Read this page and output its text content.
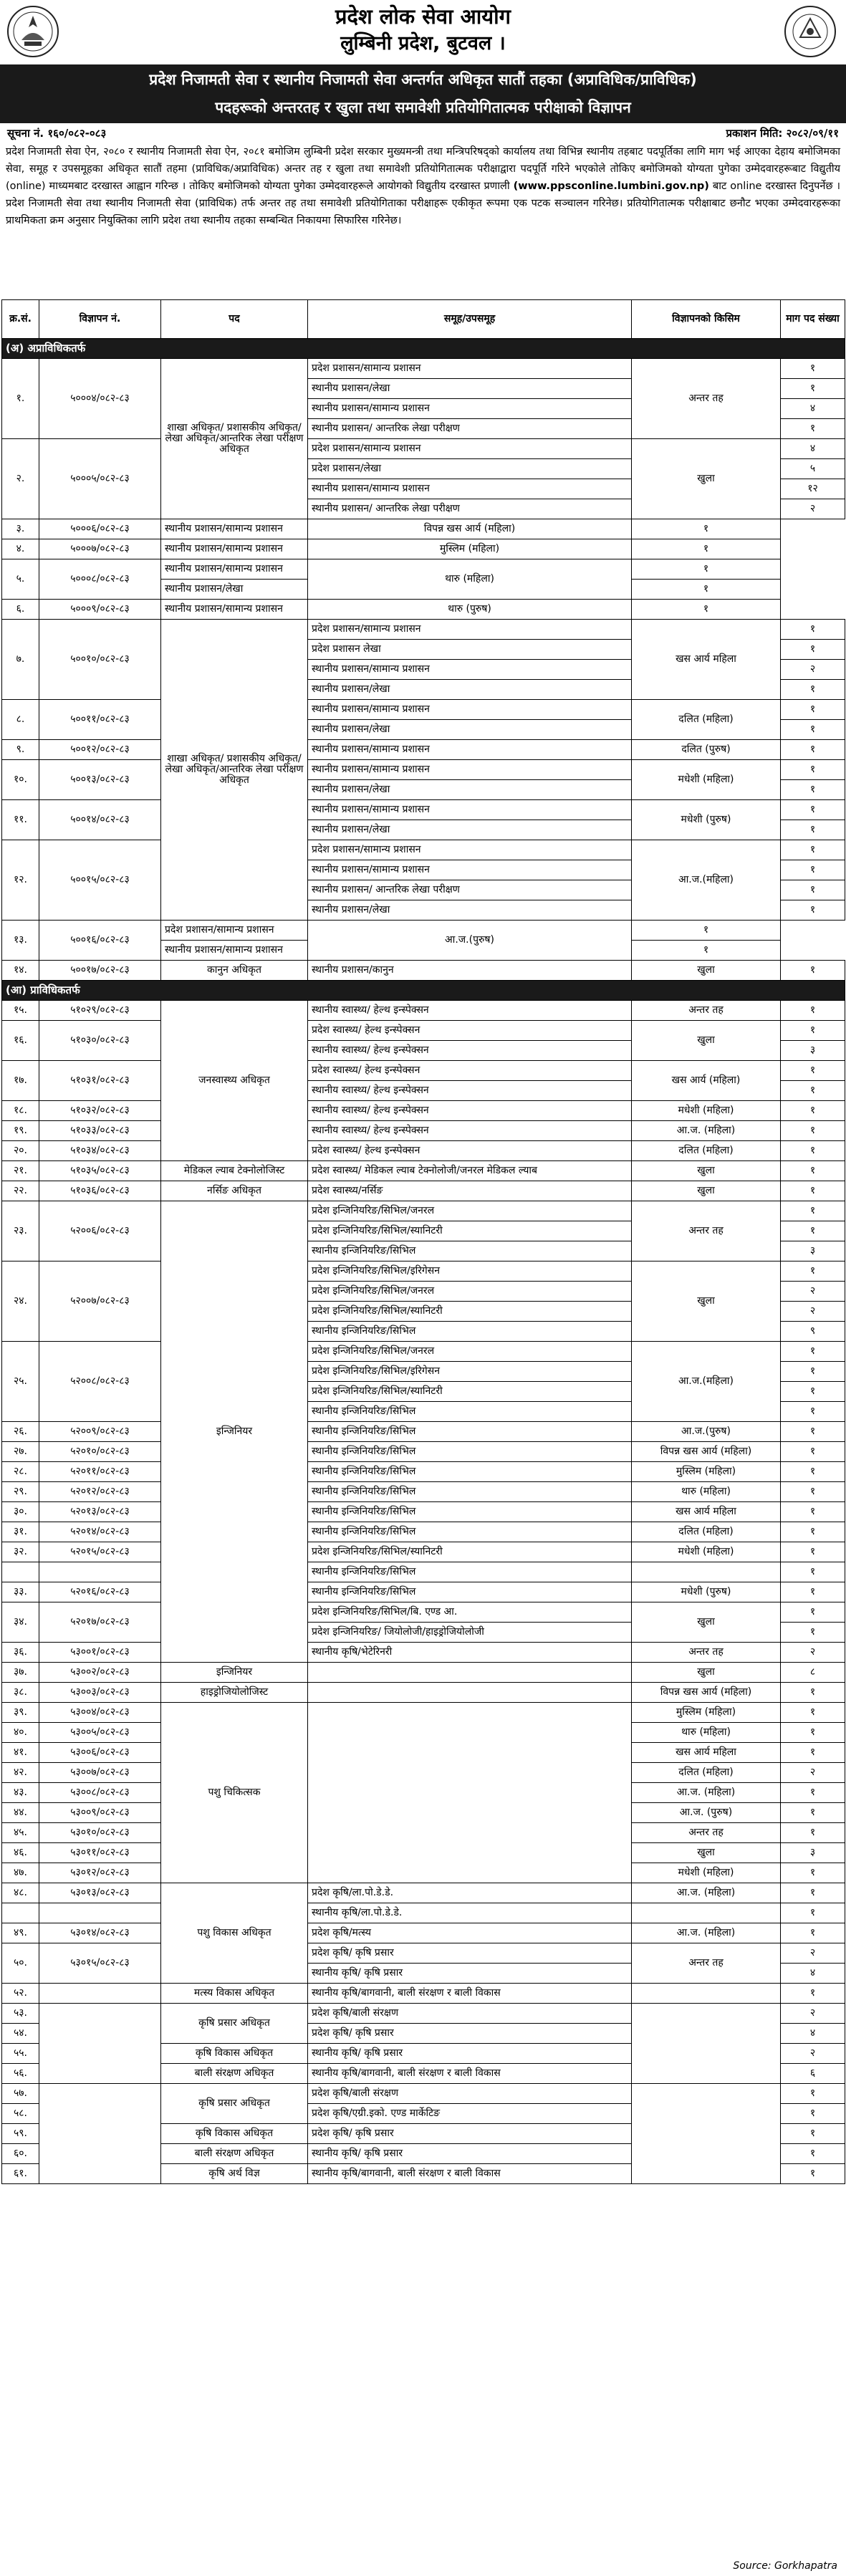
प्रदेश लोक सेवा आयोग
लुम्बिनी प्रदेश, बुटवल ।
प्रदेश निजामती सेवा र स्थानीय निजामती सेवा अन्तर्गत अधिकृत सातौं तहका (अप्राविधिक/प्राविधिक)
पदहरूको अन्तरतह र खुला तथा समावेशी प्रतियोगितात्मक परीक्षाको विज्ञापन
सूचना नं. १६०/०८२-०८३	प्रकाशन मिति: २०८२/०९/११
प्रदेश निजामती सेवा ऐन, २०८० र स्थानीय निजामती सेवा ऐन, २०८१ बमोजिम लुम्बिनी प्रदेश सरकार मुख्यमन्त्री तथा मन्त्रिपरिषद्को कार्यालय तथा विभिन्न स्थानीय तहबाट पदपूर्तिका लागि माग भई आएका देहाय बमोजिमका सेवा, समूह र उपसमूहका अधिकृत सातौं तहमा (प्राविधिक/अप्राविधिक) अन्तर तह र खुला तथा समावेशी प्रतियोगितात्मक परीक्षाद्वारा पदपूर्ति गरिने भएकोले तोकिए बमोजिमको योग्यता पुगेका उम्मेदवारहरूबाट विद्युतीय (online) माध्यमबाट दरखास्त आह्वान गरिन्छ । तोकिए बमोजिमको योग्यता पुगेका उम्मेदवारहरूले आयोगको विद्युतीय दरखास्त प्रणाली (www.ppsconline.lumbini.gov.np) बाट online दरखास्त दिनुपर्नेछ । प्रदेश निजामती सेवा तथा स्थानीय निजामती सेवा (प्राविधिक) तर्फ अन्तर तह तथा समावेशी प्रतियोगिताका परीक्षाहरू एकीकृत रूपमा एक पटक सञ्चालन गरिनेछ। प्रतियोगितात्मक परीक्षाबाट छनौट भएका उम्मेदवारहरूका प्राथमिकता क्रम अनुसार नियुक्तिका लागि प्रदेश तथा स्थानीय तहका सम्बन्धित निकायमा सिफारिस गरिनेछ।
क्र.सं.	विज्ञापन नं.	पद	समूह/उपसमूह	विज्ञापनको किसिम	माग पद संख्या
(अ) अप्राविधिकतर्फ					
१.	५०००४/०८२-८३	शाखा अधिकृत/ प्रशासकीय अधिकृत/ लेखा अधिकृत/आन्तरिक लेखा परीक्षण अधिकृत	प्रदेश प्रशासन/सामान्य प्रशासन	अन्तर तह	१
			स्थानीय प्रशासन/लेखा		१
			स्थानीय प्रशासन/सामान्य प्रशासन		४
			स्थानीय प्रशासन/ आन्तरिक लेखा परीक्षण		१
२.	५०००५/०८२-८३		प्रदेश प्रशासन/सामान्य प्रशासन	खुला	४
			प्रदेश प्रशासन/लेखा		५
			स्थानीय प्रशासन/सामान्य प्रशासन		१२
			स्थानीय प्रशासन/ आन्तरिक लेखा परीक्षण		२
३.	५०००६/०८२-८३	स्थानीय प्रशासन/सामान्य प्रशासन	विपन्न खस आर्य (महिला)	१	
४.	५०००७/०८२-८३	स्थानीय प्रशासन/सामान्य प्रशासन	मुस्लिम (महिला)	१	
५.	५०००८/०८२-८३	स्थानीय प्रशासन/सामान्य प्रशासन	थारु (महिला)	१	
		स्थानीय प्रशासन/लेखा		१	
६.	५०००९/०८२-८३	स्थानीय प्रशासन/सामान्य प्रशासन	थारु (पुरुष)	१	
७.	५००१०/०८२-८३	शाखा अधिकृत/ प्रशासकीय अधिकृत/ लेखा अधिकृत/आन्तरिक लेखा परीक्षण अधिकृत	प्रदेश प्रशासन/सामान्य प्रशासन	खस आर्य महिला	१
			प्रदेश प्रशासन लेखा		१
			स्थानीय प्रशासन/सामान्य प्रशासन		२
			स्थानीय प्रशासन/लेखा		१
८.	५००११/०८२-८३		स्थानीय प्रशासन/सामान्य प्रशासन	दलित (महिला)	१
			स्थानीय प्रशासन/लेखा		१
९.	५००१२/०८२-८३		स्थानीय प्रशासन/सामान्य प्रशासन	दलित (पुरुष)	१
१०.	५००१३/०८२-८३		स्थानीय प्रशासन/सामान्य प्रशासन	मधेशी (महिला)	१
			स्थानीय प्रशासन/लेखा		१
११.	५००१४/०८२-८३		स्थानीय प्रशासन/सामान्य प्रशासन	मधेशी (पुरुष)	१
			स्थानीय प्रशासन/लेखा		१
१२.	५००१५/०८२-८३		प्रदेश प्रशासन/सामान्य प्रशासन	आ.ज.(महिला)	१
			स्थानीय प्रशासन/सामान्य प्रशासन		१
			स्थानीय प्रशासन/ आन्तरिक लेखा परीक्षण		१
			स्थानीय प्रशासन/लेखा		१
१३.	५००१६/०८२-८३	प्रदेश प्रशासन/सामान्य प्रशासन	आ.ज.(पुरुष)	१	
		स्थानीय प्रशासन/सामान्य प्रशासन		१	
१४.	५००१७/०८२-८३	कानुन अधिकृत	स्थानीय प्रशासन/कानुन	खुला	१
(आ) प्राविधिकतर्फ					
१५.	५१०२९/०८२-८३	जनस्वास्थ्य अधिकृत	स्थानीय स्वास्थ्य/ हेल्थ इन्स्पेक्सन	अन्तर तह	१
१६.	५१०३०/०८२-८३		प्रदेश स्वास्थ्य/ हेल्थ इन्स्पेक्सन	खुला	१
			स्थानीय स्वास्थ्य/ हेल्थ इन्स्पेक्सन		३
१७.	५१०३१/०८२-८३		प्रदेश स्वास्थ्य/ हेल्थ इन्स्पेक्सन	खस आर्य (महिला)	१
			स्थानीय स्वास्थ्य/ हेल्थ इन्स्पेक्सन		१
१८.	५१०३२/०८२-८३		स्थानीय स्वास्थ्य/ हेल्थ इन्स्पेक्सन	मधेशी (महिला)	१
१९.	५१०३३/०८२-८३		स्थानीय स्वास्थ्य/ हेल्थ इन्स्पेक्सन	आ.ज. (महिला)	१
२०.	५१०३४/०८२-८३		प्रदेश स्वास्थ्य/ हेल्थ इन्स्पेक्सन	दलित (महिला)	१
२१.	५१०३५/०८२-८३	मेडिकल ल्याब टेक्नोलोजिस्ट	प्रदेश स्वास्थ्य/ मेडिकल ल्याब टेक्नोलोजी/जनरल मेडिकल ल्याब	खुला	१
२२.	५१०३६/०८२-८३	नर्सिङ अधिकृत	प्रदेश स्वास्थ्य/नर्सिङ	खुला	१
२३.	५२००६/०८२-८३	इन्जिनियर	प्रदेश इन्जिनियरिङ/सिभिल/जनरल	अन्तर तह	१
			प्रदेश इन्जिनियरिङ/सिभिल/स्यानिटरी		१
			स्थानीय इन्जिनियरिङ/सिभिल		३
२४.	५२००७/०८२-८३		प्रदेश इन्जिनियरिङ/सिभिल/इरिगेसन	खुला	१
			प्रदेश इन्जिनियरिङ/सिभिल/जनरल		२
			प्रदेश इन्जिनियरिङ/सिभिल/स्यानिटरी		२
			स्थानीय इन्जिनियरिङ/सिभिल		९
२५.	५२००८/०८२-८३		प्रदेश इन्जिनियरिङ/सिभिल/जनरल	आ.ज.(महिला)	१
			प्रदेश इन्जिनियरिङ/सिभिल/इरिगेसन		१
			प्रदेश इन्जिनियरिङ/सिभिल/स्यानिटरी		१
			स्थानीय इन्जिनियरिङ/सिभिल		१
२६.	५२००९/०८२-८३		स्थानीय इन्जिनियरिङ/सिभिल	आ.ज.(पुरुष)	१
२७.	५२०१०/०८२-८३		स्थानीय इन्जिनियरिङ/सिभिल	विपन्न खस आर्य (महिला)	१
२८.	५२०११/०८२-८३		स्थानीय इन्जिनियरिङ/सिभिल	मुस्लिम (महिला)	१
२९.	५२०१२/०८२-८३		स्थानीय इन्जिनियरिङ/सिभिल	थारु (महिला)	१
३०.	५२०१३/०८२-८३		स्थानीय इन्जिनियरिङ/सिभिल	खस आर्य महिला	१
३१.	५२०१४/०८२-८३		स्थानीय इन्जिनियरिङ/सिभिल	दलित (महिला)	१
३२.	५२०१५/०८२-८३		प्रदेश इन्जिनियरिङ/सिभिल/स्यानिटरी	मधेशी (महिला)	१
			स्थानीय इन्जिनियरिङ/सिभिल		१
३३.	५२०१६/०८२-८३		स्थानीय इन्जिनियरिङ/सिभिल	मधेशी (पुरुष)	१
३४.	५२०१७/०८२-८३		प्रदेश इन्जिनियरिङ/सिभिल/बि. एण्ड आ.	खुला	१
			प्रदेश इन्जिनियरिङ/ जियोलोजी/हाइड्रोजियोलोजी		१
३६.	५३००१/०८२-८३		स्थानीय कृषि/भेटेरिनरी	अन्तर तह	२
३७.	५३००२/०८२-८३	इन्जिनियर		खुला	८
३८.	५३००३/०८२-८३	हाइड्रोजियोलोजिस्ट		विपन्न खस आर्य (महिला)	१
३९.	५३००४/०८२-८३	पशु चिकित्सक		मुस्लिम (महिला)	१
४०.	५३००५/०८२-८३			थारु (महिला)	१
४१.	५३००६/०८२-८३			खस आर्य महिला	१
४२.	५३००७/०८२-८३			दलित (महिला)	२
४३.	५३००८/०८२-८३			आ.ज. (महिला)	१
४४.	५३००९/०८२-८३			आ.ज. (पुरुष)	१
४५.	५३०१०/०८२-८३			अन्तर तह	१
४६.	५३०११/०८२-८३			खुला	३
४७.	५३०१२/०८२-८३			मधेशी (महिला)	१
४८.	५३०१३/०८२-८३	पशु विकास अधिकृत	प्रदेश कृषि/ला.पो.डे.डे.	आ.ज. (महिला)	१
			स्थानीय कृषि/ला.पो.डे.डे.		१
४९.	५३०१४/०८२-८३		प्रदेश कृषि/मत्स्य	आ.ज. (महिला)	१
५०.	५३०१५/०८२-८३		प्रदेश कृषि/ कृषि प्रसार	अन्तर तह	२
			स्थानीय कृषि/ कृषि प्रसार		४
५२.		मत्स्य विकास अधिकृत	स्थानीय कृषि/बागवानी, बाली संरक्षण र बाली विकास		१
५३.		कृषि प्रसार अधिकृत	प्रदेश कृषि/बाली संरक्षण		२
५४.			प्रदेश कृषि/ कृषि प्रसार		४
५५.		कृषि विकास अधिकृत	स्थानीय कृषि/ कृषि प्रसार		२
५६.		बाली संरक्षण अधिकृत	स्थानीय कृषि/बागवानी, बाली संरक्षण र बाली विकास		६
५७.		कृषि प्रसार अधिकृत	प्रदेश कृषि/बाली संरक्षण		१
५८.			प्रदेश कृषि/एग्री.इको. एण्ड मार्केटिङ		१
५९.		कृषि विकास अधिकृत	प्रदेश कृषि/ कृषि प्रसार		१
६०.		बाली संरक्षण अधिकृत	स्थानीय कृषि/ कृषि प्रसार		१
६१.		कृषि अर्थ विज्ञ	स्थानीय कृषि/बागवानी, बाली संरक्षण र बाली विकास		१
Source: Gorkhapatra
